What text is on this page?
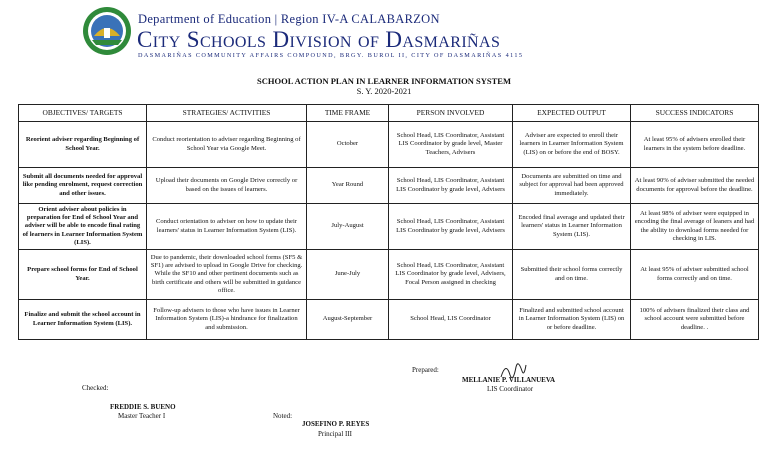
Department of Education | Region IV-A CALABARZON
City Schools Division of Dasmariñas
DASMARIÑAS COMMUNITY AFFAIRS COMPOUND, BRGY. BUROL II, CITY OF DASMARIÑAS 4115
SCHOOL ACTION PLAN IN LEARNER INFORMATION SYSTEM
S. Y. 2020-2021
OBJECTIVES/ TARGETS	STRATEGIES/ ACTIVITIES	TIME FRAME	PERSON INVOLVED	EXPECTED OUTPUT	SUCCESS INDICATORS
Reorient adviser regarding Beginning of School Year.	Conduct reorientation to adviser regarding Beginning of School Year via Google Meet.	October	School Head, LIS Coordinator, Assistant LIS Coordinator by grade level, Master Teachers, Advisers	Adviser are expected to enroll their learners in Learner Information System (LIS) on or before the end of BOSY.	At least 95% of advisers enrolled their learners in the system before deadline.
Submit all documents needed for approval like pending enrolment, request correction and other issues.	Upload their documents on Google Drive correctly or based on the issues of learners.	Year Round	School Head, LIS Coordinator, Assistant LIS Coordinator by grade level, Advisers	Documents are submitted on time and subject for approval had been approved immediately.	At least 90% of adviser submitted the needed documents for approval before the deadline.
Orient adviser about policies in preparation for End of School Year and adviser will be able to encode final rating of learners in Learner Information System (LIS).	Conduct orientation to adviser on how to update their learners' status in Learner Information System (LIS).	July-August	School Head, LIS Coordinator, Assistant LIS Coordinator by grade level, Advisers	Encoded final average and updated their learners' status in Learner Information System (LIS).	At least 98% of adviser were equipped in encoding the final average of leaners and had the ability to download forms needed for checking in LIS.
Prepare school forms for End of School Year.	Due to pandemic, their downloaded school forms (SF5 & SF1) are advised to upload in Google Drive for checking. While the SF10 and other pertinent documents such as birth certificate and others will be submitted in guidance office.	June-July	School Head, LIS Coordinator, Assistant LIS Coordinator by grade level, Advisers, Focal Person assigned in checking	Submitted their school forms correctly and on time.	At least 95% of adviser submitted school forms correctly and on time.
Finalize and submit the school account in Learner Information System (LIS).	Follow-up advisers to those who have issues in Learner Information System (LIS)-a hindrance for finalization and submission.	August-September	School Head, LIS Coordinator	Finalized and submitted school account in Learner Information System (LIS) on or before deadline.	100% of advisers finalized their class and school account were submitted before deadline. .
Prepared:
MELLANIE P. VILLANUEVA
LIS Coordinator
Checked:
FREDDIE S. BUENO
Master Teacher I	Noted:
JOSEFINO P. REYES
Principal III
